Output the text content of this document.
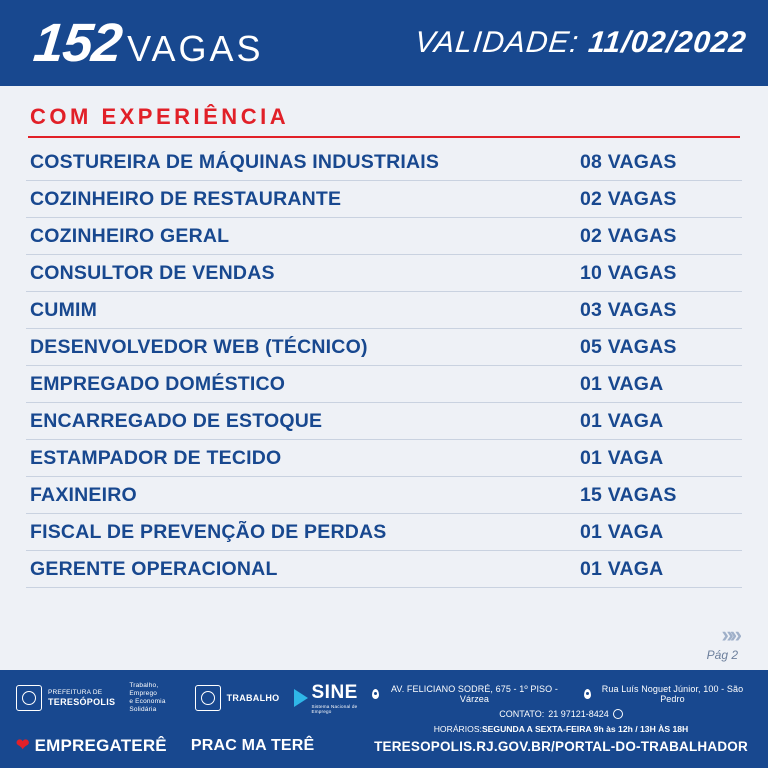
152 VAGAS	VALIDADE: 11/02/2022
COM EXPERIÊNCIA
COSTUREIRA DE MÁQUINAS INDUSTRIAIS	08 VAGAS
COZINHEIRO DE RESTAURANTE	02 VAGAS
COZINHEIRO GERAL	02 VAGAS
CONSULTOR DE VENDAS	10 VAGAS
CUMIM	03 VAGAS
DESENVOLVEDOR WEB (TÉCNICO)	05 VAGAS
EMPREGADO DOMÉSTICO	01 VAGA
ENCARREGADO DE ESTOQUE	01 VAGA
ESTAMPADOR DE TECIDO	01 VAGA
FAXINEIRO	15 VAGAS
FISCAL DE PREVENÇÃO DE PERDAS	01 VAGA
GERENTE OPERACIONAL	01 VAGA
»»
Pág 2
PREFEITURA DE
TERESÓPOLIS
Trabalho, Emprego
e Economia
Solidária
TRABALHO SINE
Sistema Nacional de Emprego
❤ EMPREGATERÊ PRAC MA TERÊ
AV. FELICIANO SODRÉ, 675 - 1º PISO - Várzea
Rua Luís Noguet Júnior, 100 - São Pedro
CONTATO: 21 97121-8424
HORÁRIOS:SEGUNDA A SEXTA-FEIRA 9h às 12h / 13H ÀS 18H
TERESOPOLIS.RJ.GOV.BR/PORTAL-DO-TRABALHADOR
